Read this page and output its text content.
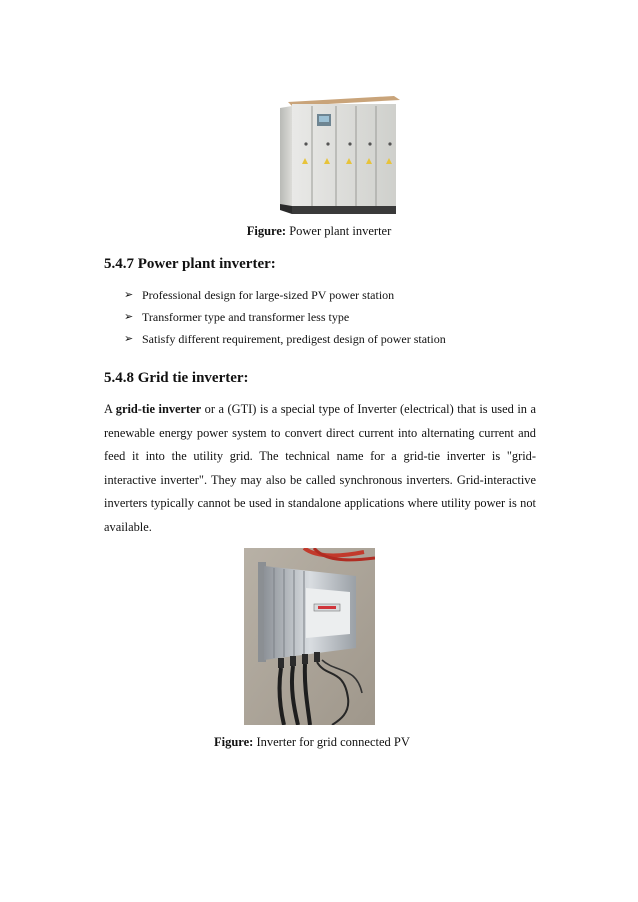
Figure: Power plant inverter
5.4.7 Power plant inverter:
➢ Professional design for large-sized PV power station
➢ Transformer type and transformer less type
➢ Satisfy different requirement, predigest design of power station
5.4.8 Grid tie inverter:
A grid-tie inverter or a (GTI) is a special type of Inverter (electrical) that is used in a
renewable energy power system to convert direct current into alternating current and
feed it into the utility grid. The technical name for a grid-tie inverter is "grid-
interactive inverter". They may also be called synchronous inverters. Grid-interactive
inverters typically cannot be used in standalone applications where utility power is not
available.
Figure: Inverter for grid connected PV
